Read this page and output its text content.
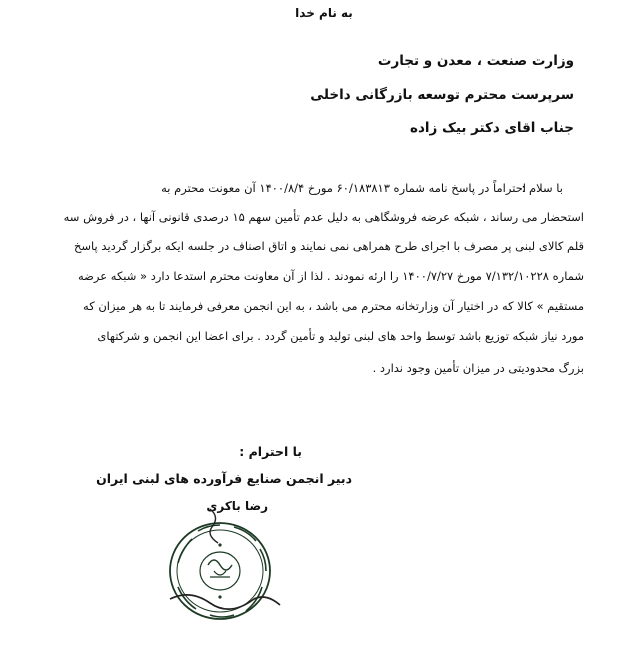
به نام خدا
وزارت صنعت ، معدن و تجارت
سرپرست محترم توسعه بازرگانی داخلی
جناب اقای دکتر بیک زاده
با سلام :
احتراماً در پاسخ نامه شماره ۶۰/۱۸۳۸۱۳ مورخ ۱۴۰۰/۸/۴ آن معونت محترم به
استحضار می رساند ، شبکه عرضه فروشگاهی به دلیل عدم تأمین سهم ۱۵ درصدی قانونی آنها ، در فروش سه
قلم کالای لبنی پر مصرف با اجرای طرح همراهی نمی نمایند و اتاق اصناف در جلسه ایکه برگزار گردید پاسخ
شماره ۷/۱۳۲/۱۰۲۲۸ مورخ ۱۴۰۰/۷/۲۷ را ارئه نمودند . لذا از آن معاونت محترم استدعا دارد « شبکه عرضه
مستقیم » کالا که در اختیار آن وزارتخانه محترم می باشد ، به این انجمن معرفی فرمایند تا به هر میزان که
مورد نیاز شبکه توزیع باشد توسط واحد های لبنی تولید و تأمین گردد . برای اعضا این انجمن و شرکتهای
بزرگ محدودیتی در میزان تأمین وجود ندارد .
با احترام :
دبیر انجمن صنایع فرآورده های لبنی ایران
رضا باکری
